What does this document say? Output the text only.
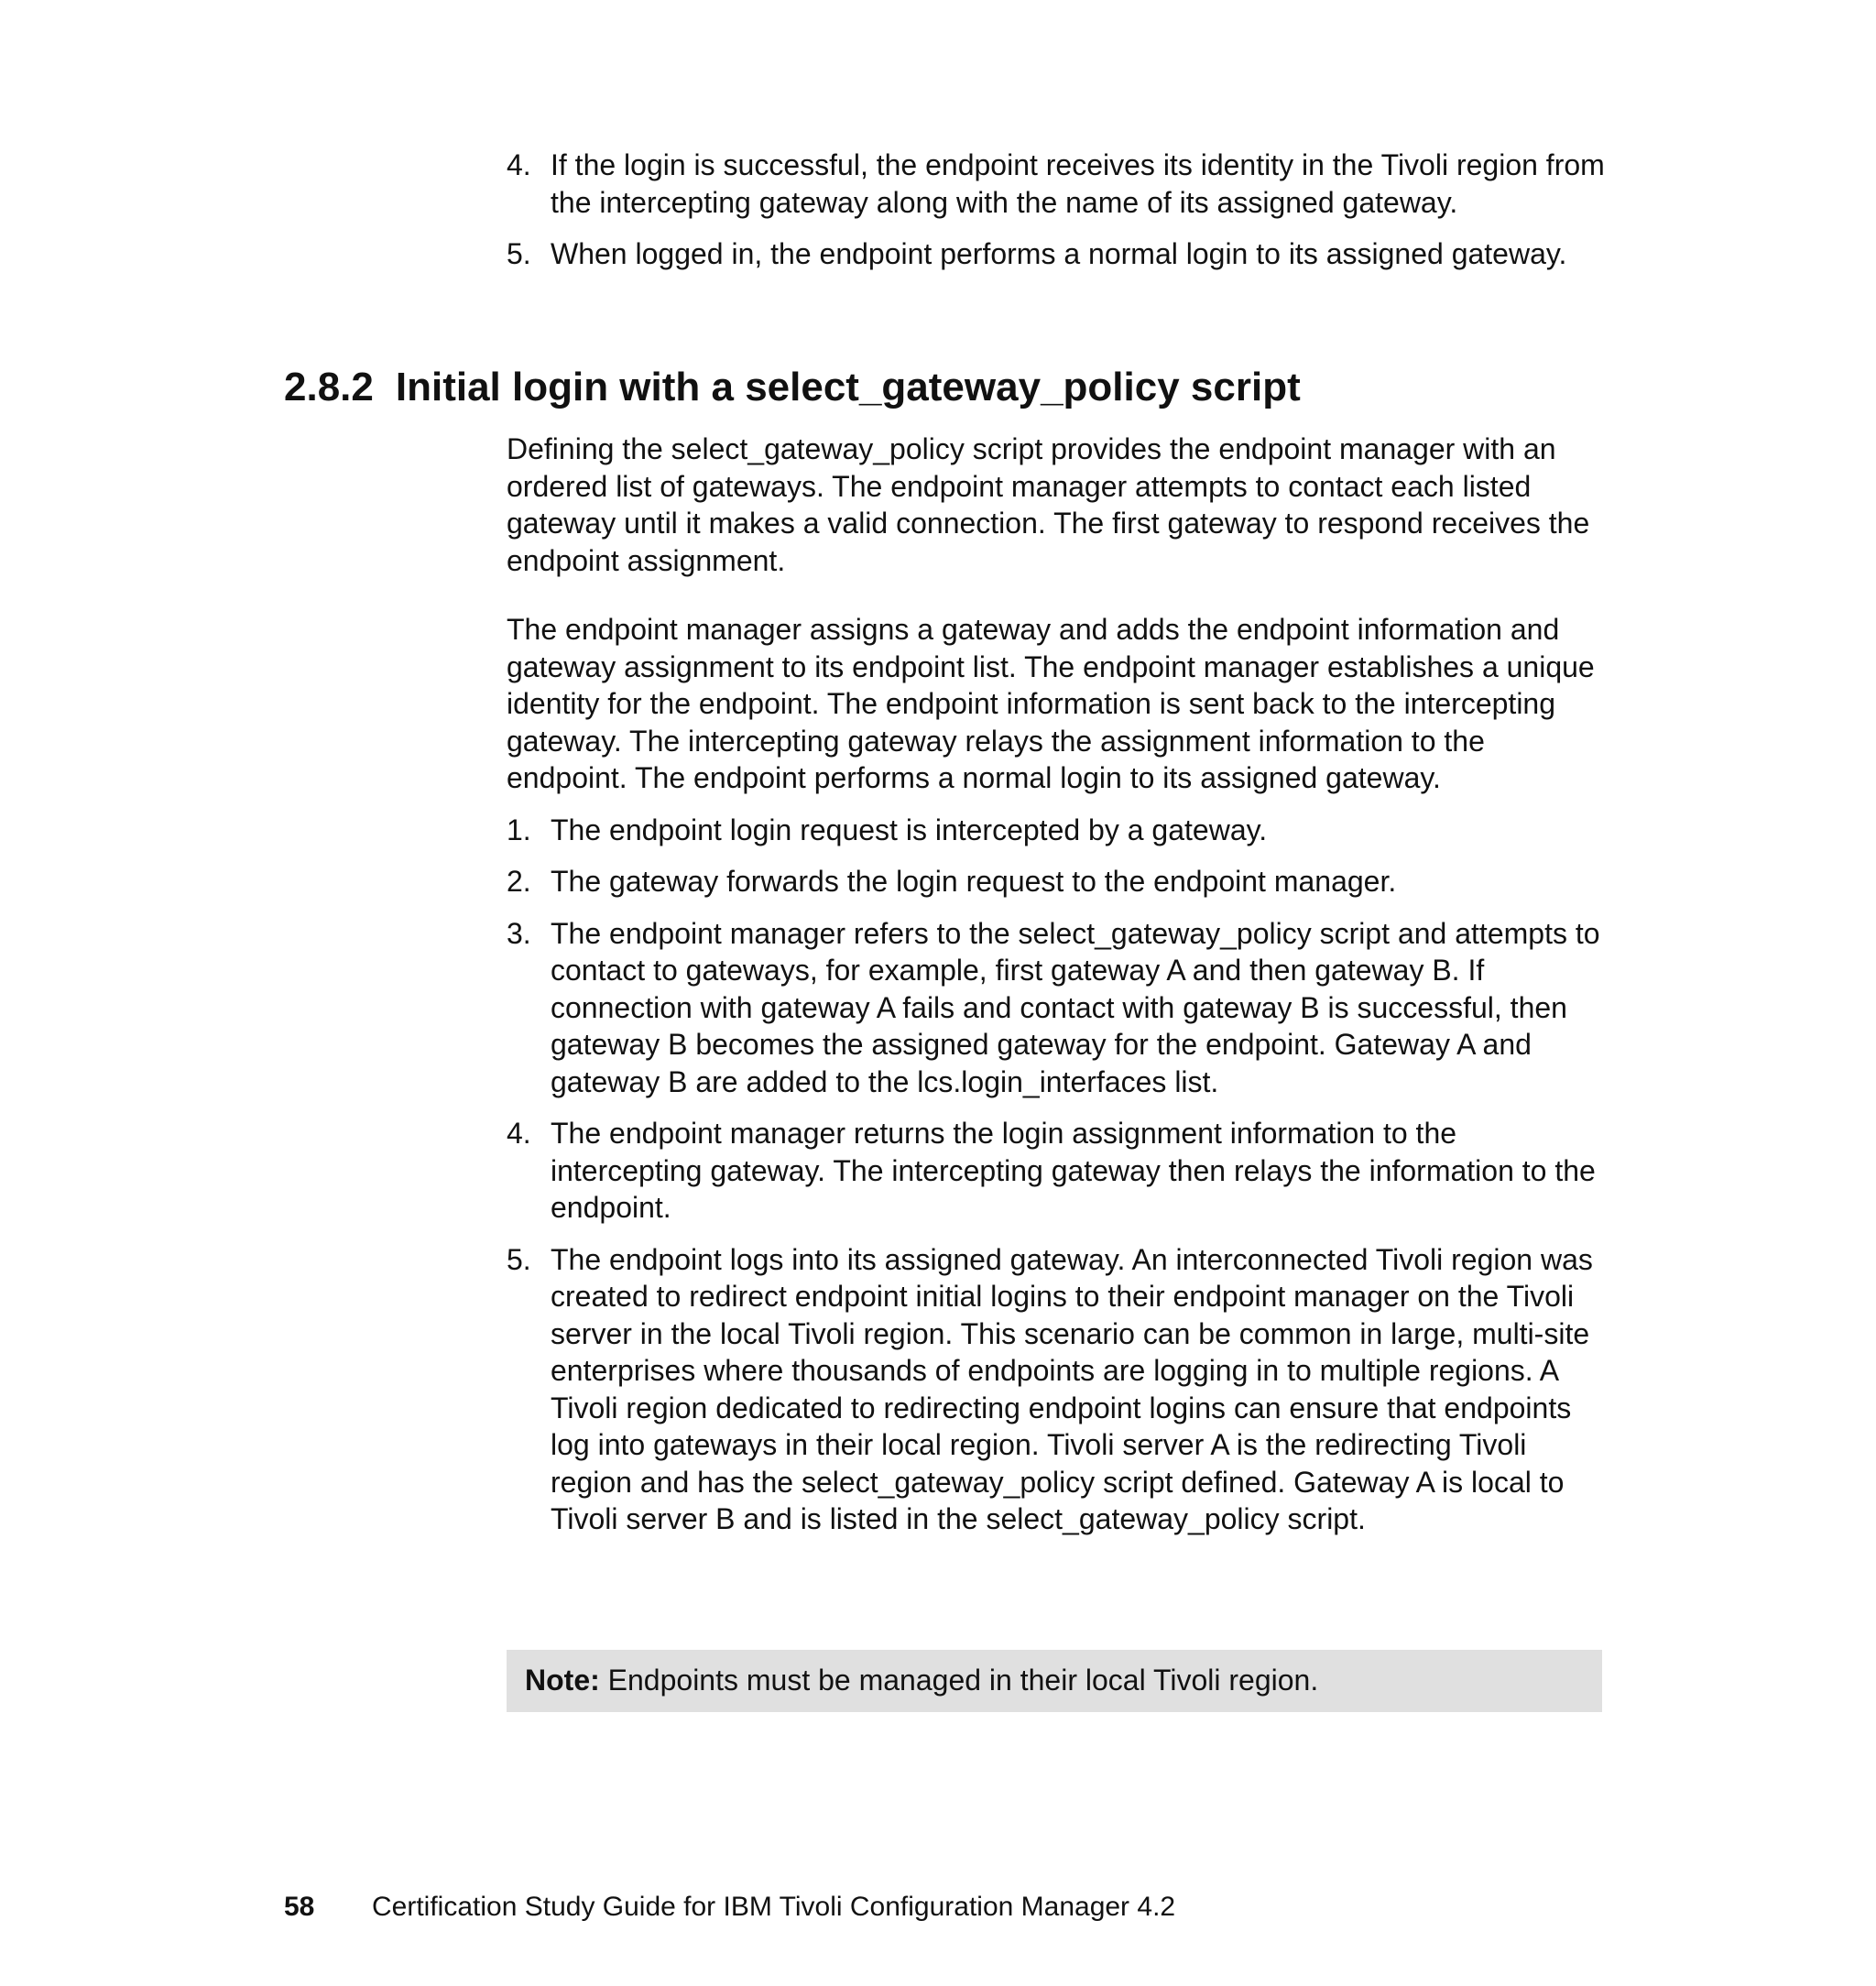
4. If the login is successful, the endpoint receives its identity in the Tivoli region from the intercepting gateway along with the name of its assigned gateway.
5. When logged in, the endpoint performs a normal login to its assigned gateway.
2.8.2 Initial login with a select_gateway_policy script

Defining the select_gateway_policy script provides the endpoint manager with an ordered list of gateways. The endpoint manager attempts to contact each listed gateway until it makes a valid connection. The first gateway to respond receives the endpoint assignment.

The endpoint manager assigns a gateway and adds the endpoint information and gateway assignment to its endpoint list. The endpoint manager establishes a unique identity for the endpoint. The endpoint information is sent back to the intercepting gateway. The intercepting gateway relays the assignment information to the endpoint. The endpoint performs a normal login to its assigned gateway.

1. The endpoint login request is intercepted by a gateway.
2. The gateway forwards the login request to the endpoint manager.
3. The endpoint manager refers to the select_gateway_policy script and attempts to contact to gateways, for example, first gateway A and then gateway B. If connection with gateway A fails and contact with gateway B is successful, then gateway B becomes the assigned gateway for the endpoint. Gateway A and gateway B are added to the lcs.login_interfaces list.
4. The endpoint manager returns the login assignment information to the intercepting gateway. The intercepting gateway then relays the information to the endpoint.
5. The endpoint logs into its assigned gateway. An interconnected Tivoli region was created to redirect endpoint initial logins to their endpoint manager on the Tivoli server in the local Tivoli region. This scenario can be common in large, multi-site enterprises where thousands of endpoints are logging in to multiple regions. A Tivoli region dedicated to redirecting endpoint logins can ensure that endpoints log into gateways in their local region. Tivoli server A is the redirecting Tivoli region and has the select_gateway_policy script defined. Gateway A is local to Tivoli server B and is listed in the select_gateway_policy script.
Note: Endpoints must be managed in their local Tivoli region.
58 Certification Study Guide for IBM Tivoli Configuration Manager 4.2
